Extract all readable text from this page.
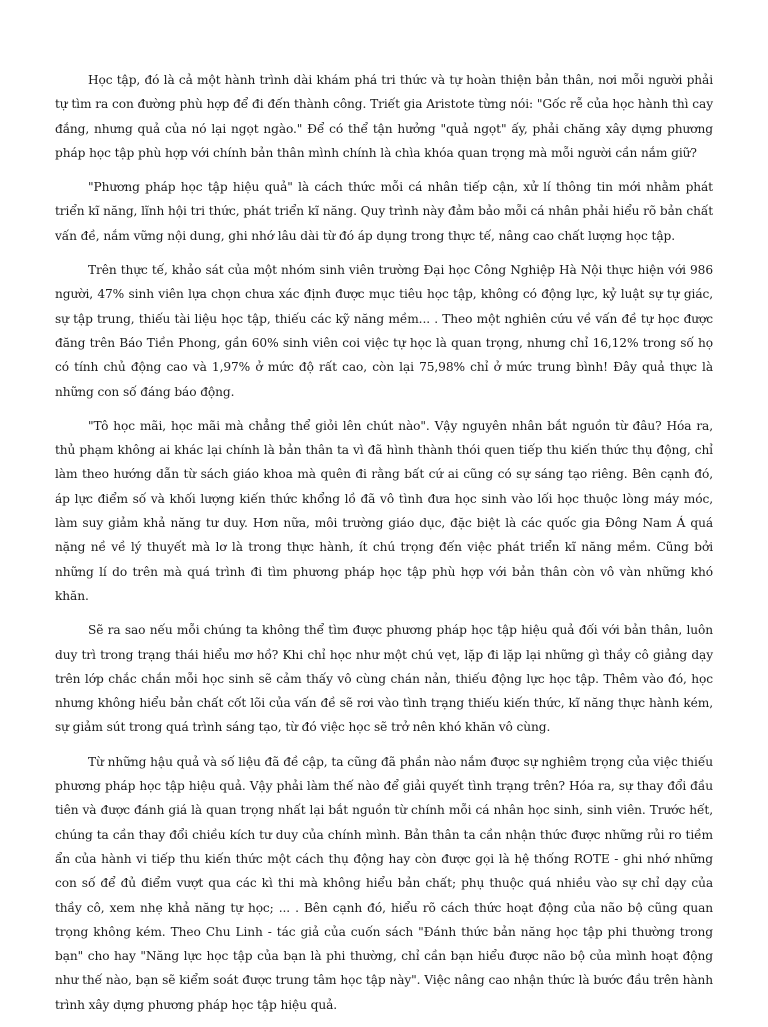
Học tập, đó là cả một hành trình dài khám phá tri thức và tự hoàn thiện bản thân, nơi mỗi người phải tự tìm ra con đường phù hợp để đi đến thành công. Triết gia Aristote từng nói: "Gốc rễ của học hành thì cay đắng, nhưng quả của nó lại ngọt ngào." Để có thể tận hưởng "quả ngọt" ấy, phải chăng xây dựng phương pháp học tập phù hợp với chính bản thân mình chính là chìa khóa quan trọng mà mỗi người cần nắm giữ?

"Phương pháp học tập hiệu quả" là cách thức mỗi cá nhân tiếp cận, xử lí thông tin mới nhằm phát triển kĩ năng, lĩnh hội tri thức, phát triển kĩ năng. Quy trình này đảm bảo mỗi cá nhân phải hiểu rõ bản chất vấn đề, nắm vững nội dung, ghi nhớ lâu dài từ đó áp dụng trong thực tế, nâng cao chất lượng học tập.

Trên thực tế, khảo sát của một nhóm sinh viên trường Đại học Công Nghiệp Hà Nội thực hiện với 986 người, 47% sinh viên lựa chọn chưa xác định được mục tiêu học tập, không có động lực, kỷ luật sự tự giác, sự tập trung, thiếu tài liệu học tập, thiếu các kỹ năng mềm... . Theo một nghiên cứu về vấn đề tự học được đăng trên Báo Tiền Phong, gần 60% sinh viên coi việc tự học là quan trọng, nhưng chỉ 16,12% trong số họ có tính chủ động cao và 1,97% ở mức độ rất cao, còn lại 75,98% chỉ ở mức trung bình! Đây quả thực là những con số đáng báo động.

"Tô học mãi, học mãi mà chẳng thể giỏi lên chút nào". Vậy nguyên nhân bắt nguồn từ đâu? Hóa ra, thủ phạm không ai khác lại chính là bản thân ta vì đã hình thành thói quen tiếp thu kiến thức thụ động, chỉ làm theo hướng dẫn từ sách giáo khoa mà quên đi rằng bất cứ ai cũng có sự sáng tạo riêng. Bên cạnh đó, áp lực điểm số và khối lượng kiến thức khổng lồ đã vô tình đưa học sinh vào lối học thuộc lòng máy móc, làm suy giảm khả năng tư duy. Hơn nữa, môi trường giáo dục, đặc biệt là các quốc gia Đông Nam Á quá nặng nề về lý thuyết mà lơ là trong thực hành, ít chú trọng đến việc phát triển kĩ năng mềm. Cũng bởi những lí do trên mà quá trình đi tìm phương pháp học tập phù hợp với bản thân còn vô vàn những khó khăn.

Sẽ ra sao nếu mỗi chúng ta không thể tìm được phương pháp học tập hiệu quả đối với bản thân, luôn duy trì trong trạng thái hiểu mơ hồ? Khi chỉ học như một chú vẹt, lặp đi lặp lại những gì thầy cô giảng dạy trên lớp chắc chắn mỗi học sinh sẽ cảm thấy vô cùng chán nản, thiếu động lực học tập. Thêm vào đó, học nhưng không hiểu bản chất cốt lõi của vấn đề sẽ rơi vào tình trạng thiếu kiến thức, kĩ năng thực hành kém, sự giảm sút trong quá trình sáng tạo, từ đó việc học sẽ trở nên khó khăn vô cùng.

Từ những hậu quả và số liệu đã đề cập, ta cũng đã phần nào nắm được sự nghiêm trọng của việc thiếu phương pháp học tập hiệu quả. Vậy phải làm thế nào để giải quyết tình trạng trên? Hóa ra, sự thay đổi đầu tiên và được đánh giá là quan trọng nhất lại bắt nguồn từ chính mỗi cá nhân học sinh, sinh viên. Trước hết, chúng ta cần thay đổi chiều kích tư duy của chính mình. Bản thân ta cần nhận thức được những rủi ro tiềm ẩn của hành vi tiếp thu kiến thức một cách thụ động hay còn được gọi là hệ thống ROTE - ghi nhớ những con số để đủ điểm vượt qua các kì thi mà không hiểu bản chất; phụ thuộc quá nhiều vào sự chỉ dạy của thầy cô, xem nhẹ khả năng tự học; ... . Bên cạnh đó, hiểu rõ cách thức hoạt động của não bộ cũng quan trọng không kém. Theo Chu Linh - tác giả của cuốn sách "Đánh thức bản năng học tập phi thường trong bạn" cho hay "Năng lực học tập của bạn là phi thường, chỉ cần bạn hiểu được não bộ của mình hoạt động như thế nào, bạn sẽ kiểm soát được trung tâm học tập này". Việc nâng cao nhận thức là bước đầu trên hành trình xây dựng phương pháp học tập hiệu quả.
